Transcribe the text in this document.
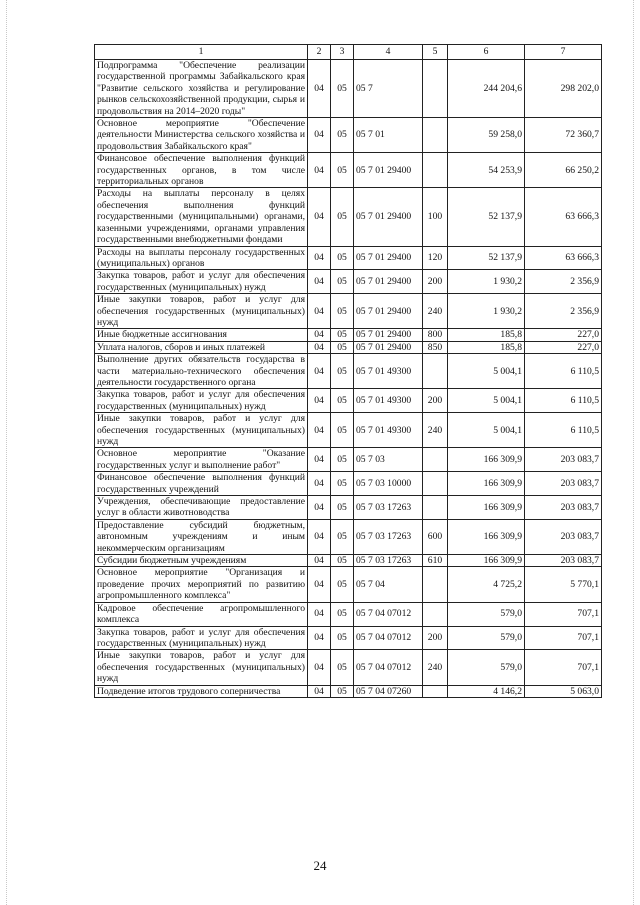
1	2	3	4	5	6	7
Подпрограмма "Обеспечение реализации государственной программы Забайкальского края "Развитие сельского хозяйства и регулирование рынков сельскохозяйственной продукции, сырья и продовольствия на 2014–2020 годы"	04	05	05 7		244 204,6	298 202,0
Основное мероприятие "Обеспечение деятельности Министерства сельского хозяйства и продовольствия Забайкальского края"	04	05	05 7 01		59 258,0	72 360,7
Финансовое обеспечение выполнения функций государственных органов, в том числе территориальных органов	04	05	05 7 01 29400		54 253,9	66 250,2
Расходы на выплаты персоналу в целях обеспечения выполнения функций государственными (муниципальными) органами, казенными учреждениями, органами управления государственными внебюджетными фондами	04	05	05 7 01 29400	100	52 137,9	63 666,3
Расходы на выплаты персоналу государственных (муниципальных) органов	04	05	05 7 01 29400	120	52 137,9	63 666,3
Закупка товаров, работ и услуг для обеспечения государственных (муниципальных) нужд	04	05	05 7 01 29400	200	1 930,2	2 356,9
Иные закупки товаров, работ и услуг для обеспечения государственных (муниципальных) нужд	04	05	05 7 01 29400	240	1 930,2	2 356,9
Иные бюджетные ассигнования	04	05	05 7 01 29400	800	185,8	227,0
Уплата налогов, сборов и иных платежей	04	05	05 7 01 29400	850	185,8	227,0
Выполнение других обязательств государства в части материально-технического обеспечения деятельности государственного органа	04	05	05 7 01 49300		5 004,1	6 110,5
Закупка товаров, работ и услуг для обеспечения государственных (муниципальных) нужд	04	05	05 7 01 49300	200	5 004,1	6 110,5
Иные закупки товаров, работ и услуг для обеспечения государственных (муниципальных) нужд	04	05	05 7 01 49300	240	5 004,1	6 110,5
Основное мероприятие "Оказание государственных услуг и выполнение работ"	04	05	05 7 03		166 309,9	203 083,7
Финансовое обеспечение выполнения функций государственных учреждений	04	05	05 7 03 10000		166 309,9	203 083,7
Учреждения, обеспечивающие предоставление услуг в области животноводства	04	05	05 7 03 17263		166 309,9	203 083,7
Предоставление субсидий бюджетным, автономным учреждениям и иным некоммерческим организациям	04	05	05 7 03 17263	600	166 309,9	203 083,7
Субсидии бюджетным учреждениям	04	05	05 7 03 17263	610	166 309,9	203 083,7
Основное мероприятие "Организация и проведение прочих мероприятий по развитию агропромышленного комплекса"	04	05	05 7 04		4 725,2	5 770,1
Кадровое обеспечение агропромышленного комплекса	04	05	05 7 04 07012		579,0	707,1
Закупка товаров, работ и услуг для обеспечения государственных (муниципальных) нужд	04	05	05 7 04 07012	200	579,0	707,1
Иные закупки товаров, работ и услуг для обеспечения государственных (муниципальных) нужд	04	05	05 7 04 07012	240	579,0	707,1
Подведение итогов трудового соперничества	04	05	05 7 04 07260		4 146,2	5 063,0
24
